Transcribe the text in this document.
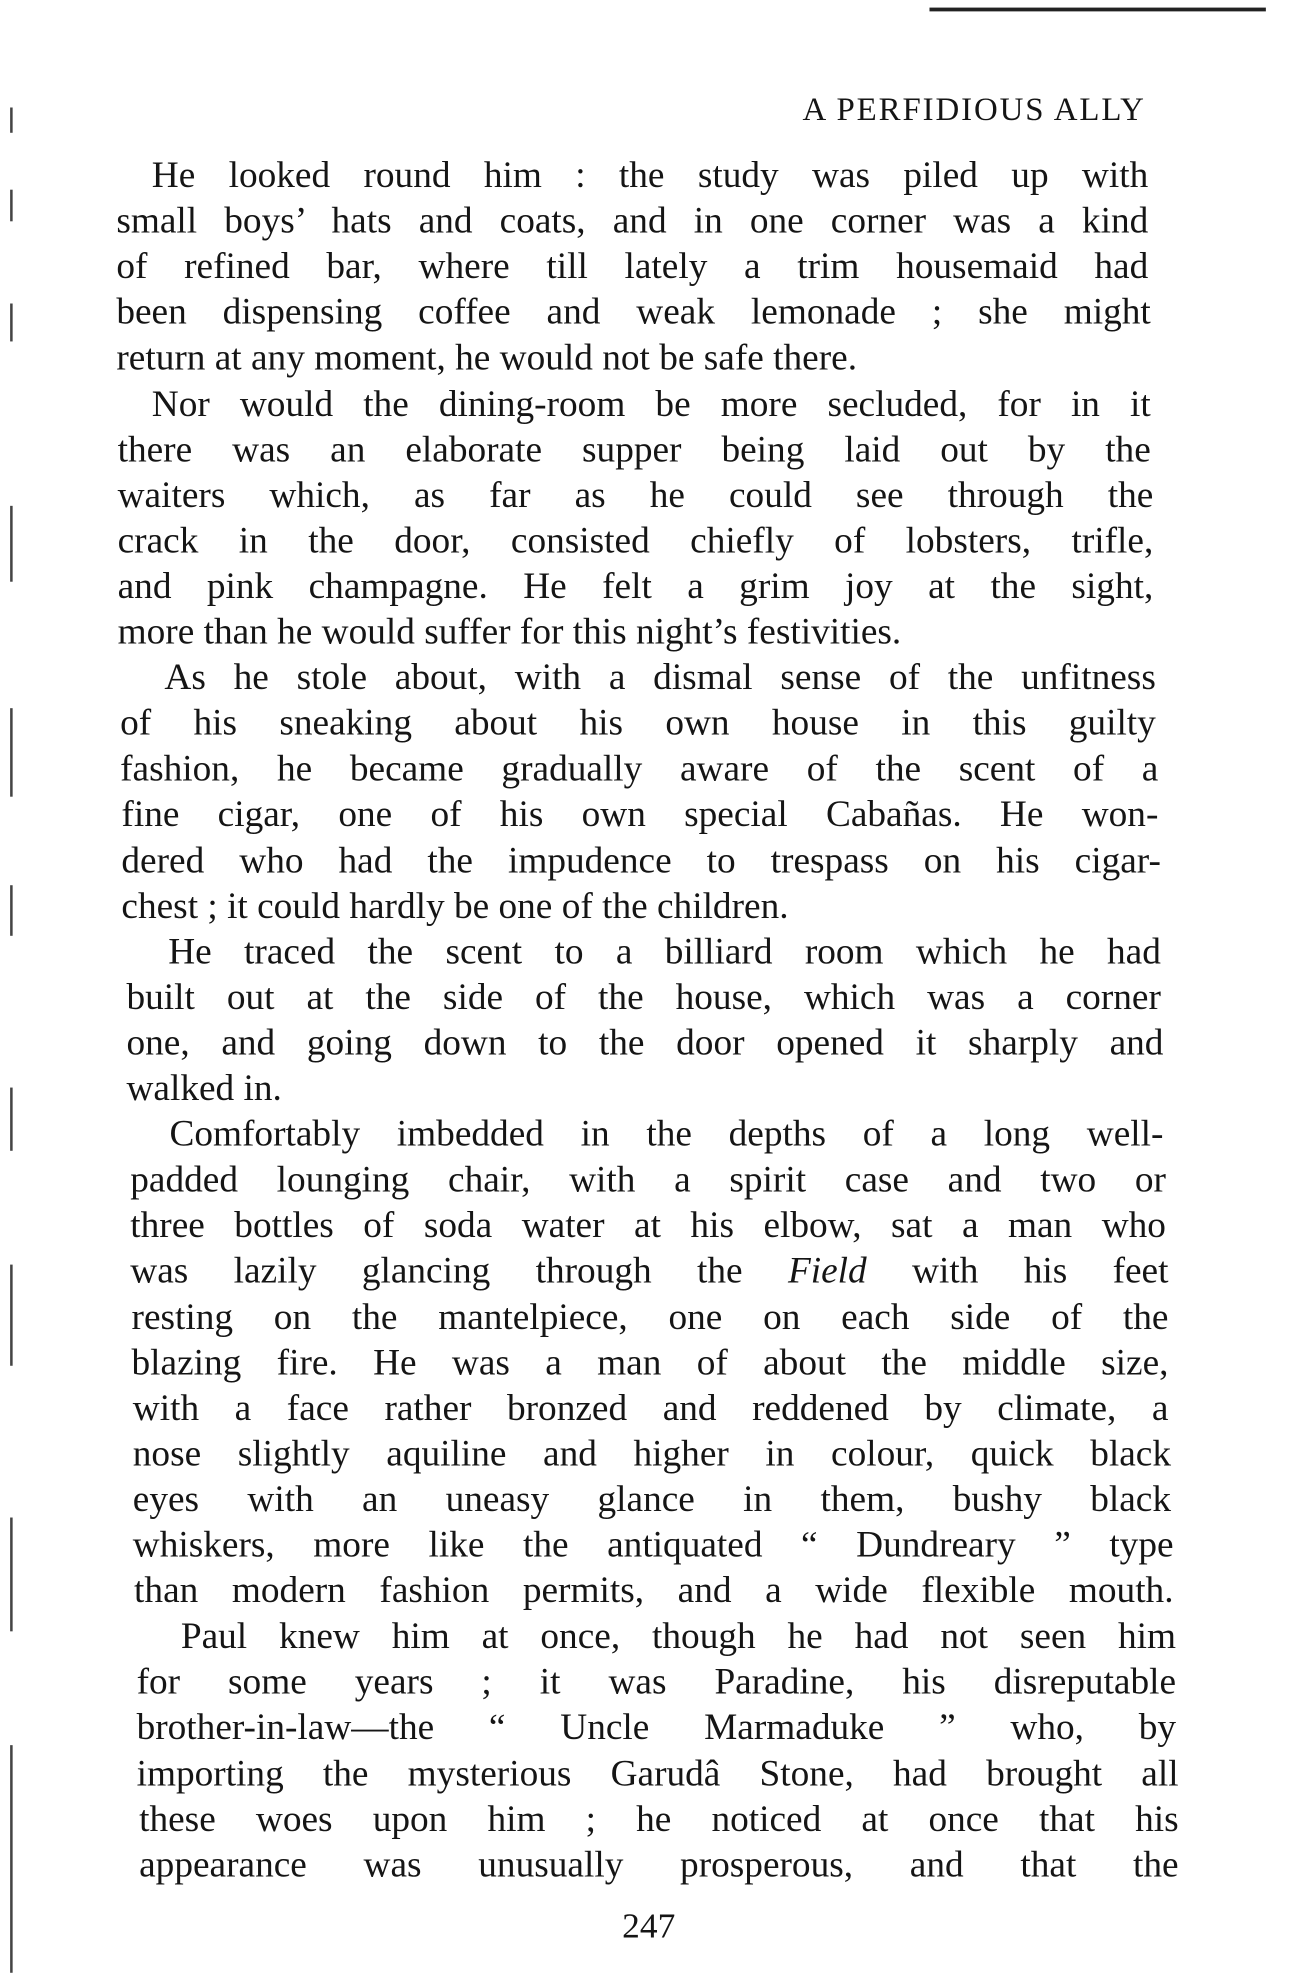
A PERFIDIOUS ALLY
He looked round him : the study was piled up with
small boys’ hats and coats, and in one corner was a kind
of refined bar, where till lately a trim housemaid had
been dispensing coffee and weak lemonade ; she might
return at any moment, he would not be safe there.
Nor would the dining-room be more secluded, for in it
there was an elaborate supper being laid out by the
waiters which, as far as he could see through the
crack in the door, consisted chiefly of lobsters, trifle,
and pink champagne. He felt a grim joy at the sight,
more than he would suffer for this night’s festivities.
As he stole about, with a dismal sense of the unfitness
of his sneaking about his own house in this guilty
fashion, he became gradually aware of the scent of a
fine cigar, one of his own special Cabañas. He won-
dered who had the impudence to trespass on his cigar-
chest ; it could hardly be one of the children.
He traced the scent to a billiard room which he had
built out at the side of the house, which was a corner
one, and going down to the door opened it sharply and
walked in.
Comfortably imbedded in the depths of a long well-
padded lounging chair, with a spirit case and two or
three bottles of soda water at his elbow, sat a man who
was lazily glancing through the Field with his feet
resting on the mantelpiece, one on each side of the
blazing fire. He was a man of about the middle size,
with a face rather bronzed and reddened by climate, a
nose slightly aquiline and higher in colour, quick black
eyes with an uneasy glance in them, bushy black
whiskers, more like the antiquated “ Dundreary ” type
than modern fashion permits, and a wide flexible mouth.
Paul knew him at once, though he had not seen him
for some years ; it was Paradine, his disreputable
brother-in-law—the “ Uncle Marmaduke ” who, by
importing the mysterious Garudâ Stone, had brought all
these woes upon him ; he noticed at once that his
appearance was unusually prosperous, and that the
247
